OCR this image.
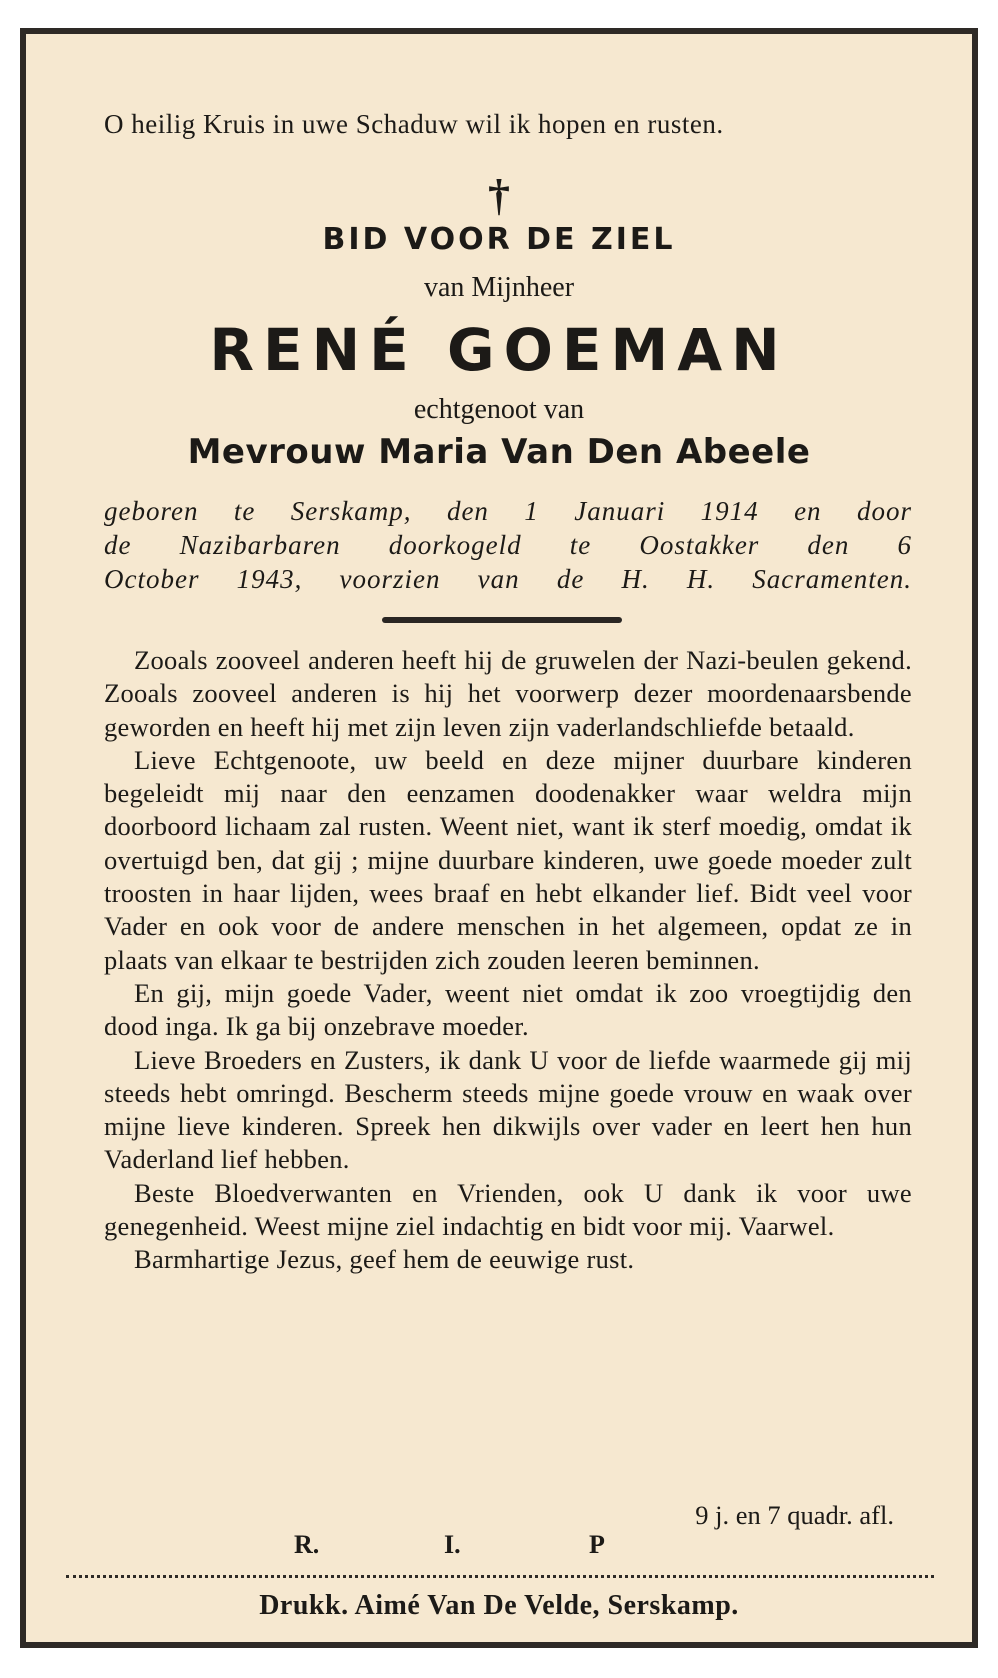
O heilig Kruis in uwe Schaduw wil ik hopen en rusten.
†
BID VOOR DE ZIEL
van Mijnheer
RENÉ GOEMAN
echtgenoot van
Mevrouw Maria Van Den Abeele
geboren te Serskamp, den 1 Januari 1914 en door
de Nazibarbaren doorkogeld te Oostakker den 6
October 1943, voorzien van de H. H. Sacramenten.

Zooals zooveel anderen heeft hij de gruwelen der Nazi-beulen gekend. Zooals zooveel anderen is hij het voorwerp dezer moordenaarsbende geworden en heeft hij met zijn leven zijn vaderlandschliefde betaald.

Lieve Echtgenoote, uw beeld en deze mijner duurbare kinderen begeleidt mij naar den eenzamen doodenakker waar weldra mijn doorboord lichaam zal rusten. Weent niet, want ik sterf moedig, omdat ik overtuigd ben, dat gij ; mijne duurbare kinderen, uwe goede moeder zult troosten in haar lijden, wees braaf en hebt elkander lief. Bidt veel voor Vader en ook voor de andere menschen in het algemeen, opdat ze in plaats van elkaar te bestrijden zich zouden leeren beminnen.

En gij, mijn goede Vader, weent niet omdat ik zoo vroegtijdig den dood inga. Ik ga bij onzebrave moeder.

Lieve Broeders en Zusters, ik dank U voor de liefde waarmede gij mij steeds hebt omringd. Bescherm steeds mijne goede vrouw en waak over mijne lieve kinderen. Spreek hen dikwijls over vader en leert hen hun Vaderland lief hebben.

Beste Bloedverwanten en Vrienden, ook U dank ik voor uwe genegenheid. Weest mijne ziel indachtig en bidt voor mij. Vaarwel.

Barmhartige Jezus, geef hem de eeuwige rust.

9 j. en 7 quadr. afl.
R.	I.	P
Drukk. Aimé Van De Velde, Serskamp.
